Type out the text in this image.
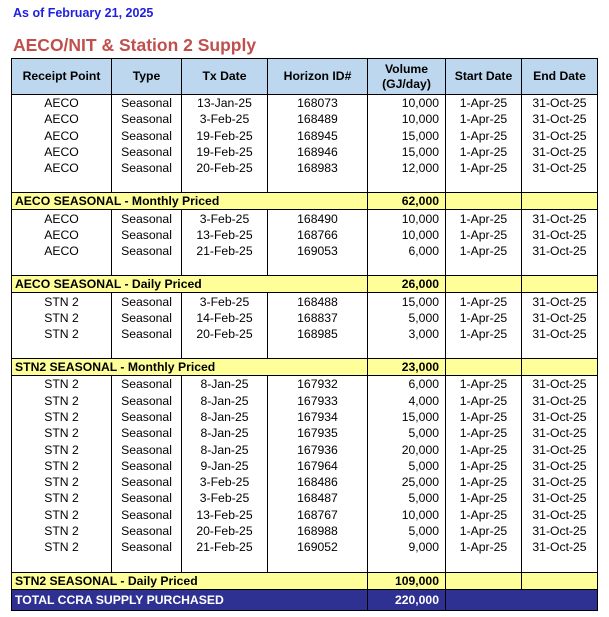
As of February 21, 2025
AECO/NIT & Station 2 Supply
Receipt Point	Type	Tx Date	Horizon ID#	Volume (GJ/day)	Start Date	End Date
AECO	Seasonal	13-Jan-25	168073	10,000	1-Apr-25	31-Oct-25
AECO	Seasonal	3-Feb-25	168489	10,000	1-Apr-25	31-Oct-25
AECO	Seasonal	19-Feb-25	168945	15,000	1-Apr-25	31-Oct-25
AECO	Seasonal	19-Feb-25	168946	15,000	1-Apr-25	31-Oct-25
AECO	Seasonal	20-Feb-25	168983	12,000	1-Apr-25	31-Oct-25

AECO SEASONAL - Monthly Priced				62,000		
AECO	Seasonal	3-Feb-25	168490	10,000	1-Apr-25	31-Oct-25
AECO	Seasonal	13-Feb-25	168766	10,000	1-Apr-25	31-Oct-25
AECO	Seasonal	21-Feb-25	169053	6,000	1-Apr-25	31-Oct-25

AECO SEASONAL - Daily Priced				26,000		
STN 2	Seasonal	3-Feb-25	168488	15,000	1-Apr-25	31-Oct-25
STN 2	Seasonal	14-Feb-25	168837	5,000	1-Apr-25	31-Oct-25
STN 2	Seasonal	20-Feb-25	168985	3,000	1-Apr-25	31-Oct-25

STN2 SEASONAL - Monthly Priced				23,000		
STN 2	Seasonal	8-Jan-25	167932	6,000	1-Apr-25	31-Oct-25
STN 2	Seasonal	8-Jan-25	167933	4,000	1-Apr-25	31-Oct-25
STN 2	Seasonal	8-Jan-25	167934	15,000	1-Apr-25	31-Oct-25
STN 2	Seasonal	8-Jan-25	167935	5,000	1-Apr-25	31-Oct-25
STN 2	Seasonal	8-Jan-25	167936	20,000	1-Apr-25	31-Oct-25
STN 2	Seasonal	9-Jan-25	167964	5,000	1-Apr-25	31-Oct-25
STN 2	Seasonal	3-Feb-25	168486	25,000	1-Apr-25	31-Oct-25
STN 2	Seasonal	3-Feb-25	168487	5,000	1-Apr-25	31-Oct-25
STN 2	Seasonal	13-Feb-25	168767	10,000	1-Apr-25	31-Oct-25
STN 2	Seasonal	20-Feb-25	168988	5,000	1-Apr-25	31-Oct-25
STN 2	Seasonal	21-Feb-25	169052	9,000	1-Apr-25	31-Oct-25

STN2 SEASONAL - Daily Priced				109,000		
TOTAL CCRA SUPPLY PURCHASED				220,000		
